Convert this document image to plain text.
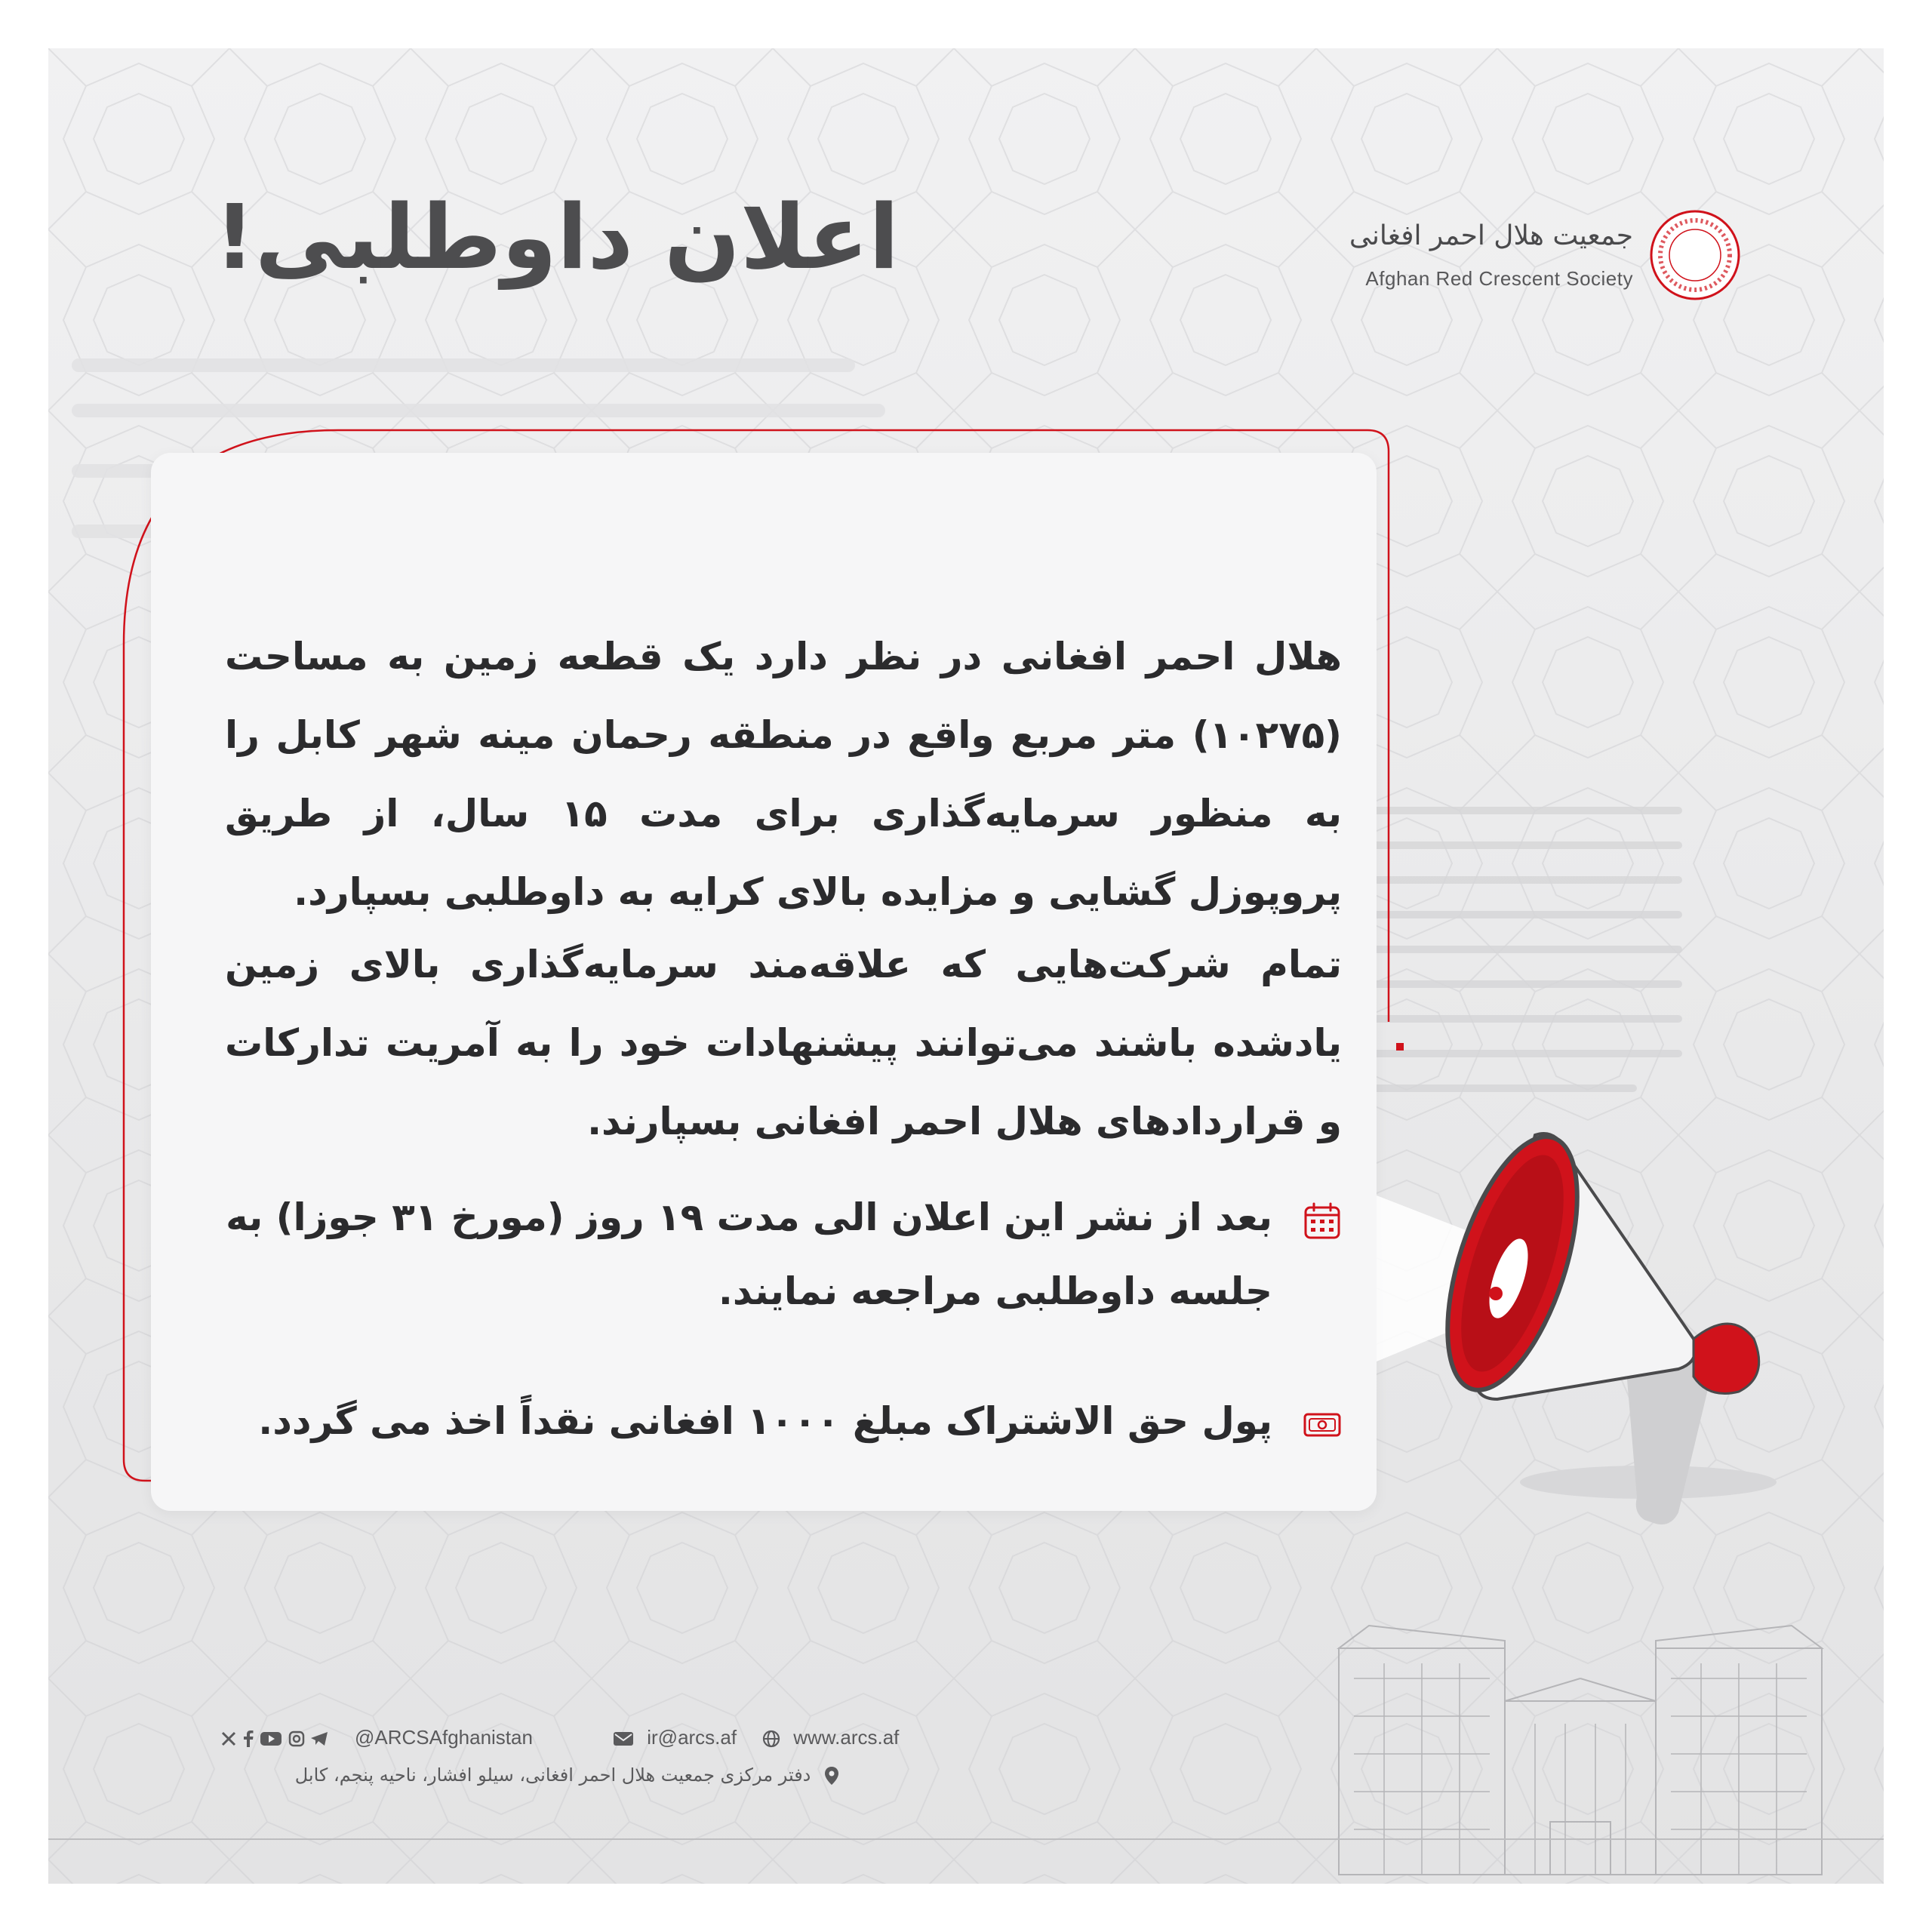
اعلان داوطلبی!	جمعیت هلال احمر افغانی
Afghan Red Crescent Society
هلال احمر افغانی در نظر دارد یک قطعه زمین به مساحت (۱۰۲۷۵) متر مربع واقع در منطقه رحمان مینه شهر کابل را به منظور سرمایه‌گذاری برای مدت ۱۵ سال، از طریق پروپوزل گشایی و مزایده بالای کرایه به داوطلبی بسپارد.
تمام شرکت‌هایی که علاقه‌مند سرمایه‌گذاری بالای زمین یادشده باشند می‌توانند پیشنهادات خود را به آمریت تدارکات و قراردادهای هلال احمر افغانی بسپارند.
بعد از نشر این اعلان الی مدت ۱۹ روز (مورخ ۳۱ جوزا) به جلسه داوطلبی مراجعه نمایند.
پول حق الاشتراک مبلغ ۱۰۰۰ افغانی نقداً اخذ می گردد.

@ARCSAfghanistan	ir@arcs.af	www.arcs.af
دفتر مرکزی جمعیت هلال احمر افغانی، سیلو افشار، ناحیه پنجم، کابل
